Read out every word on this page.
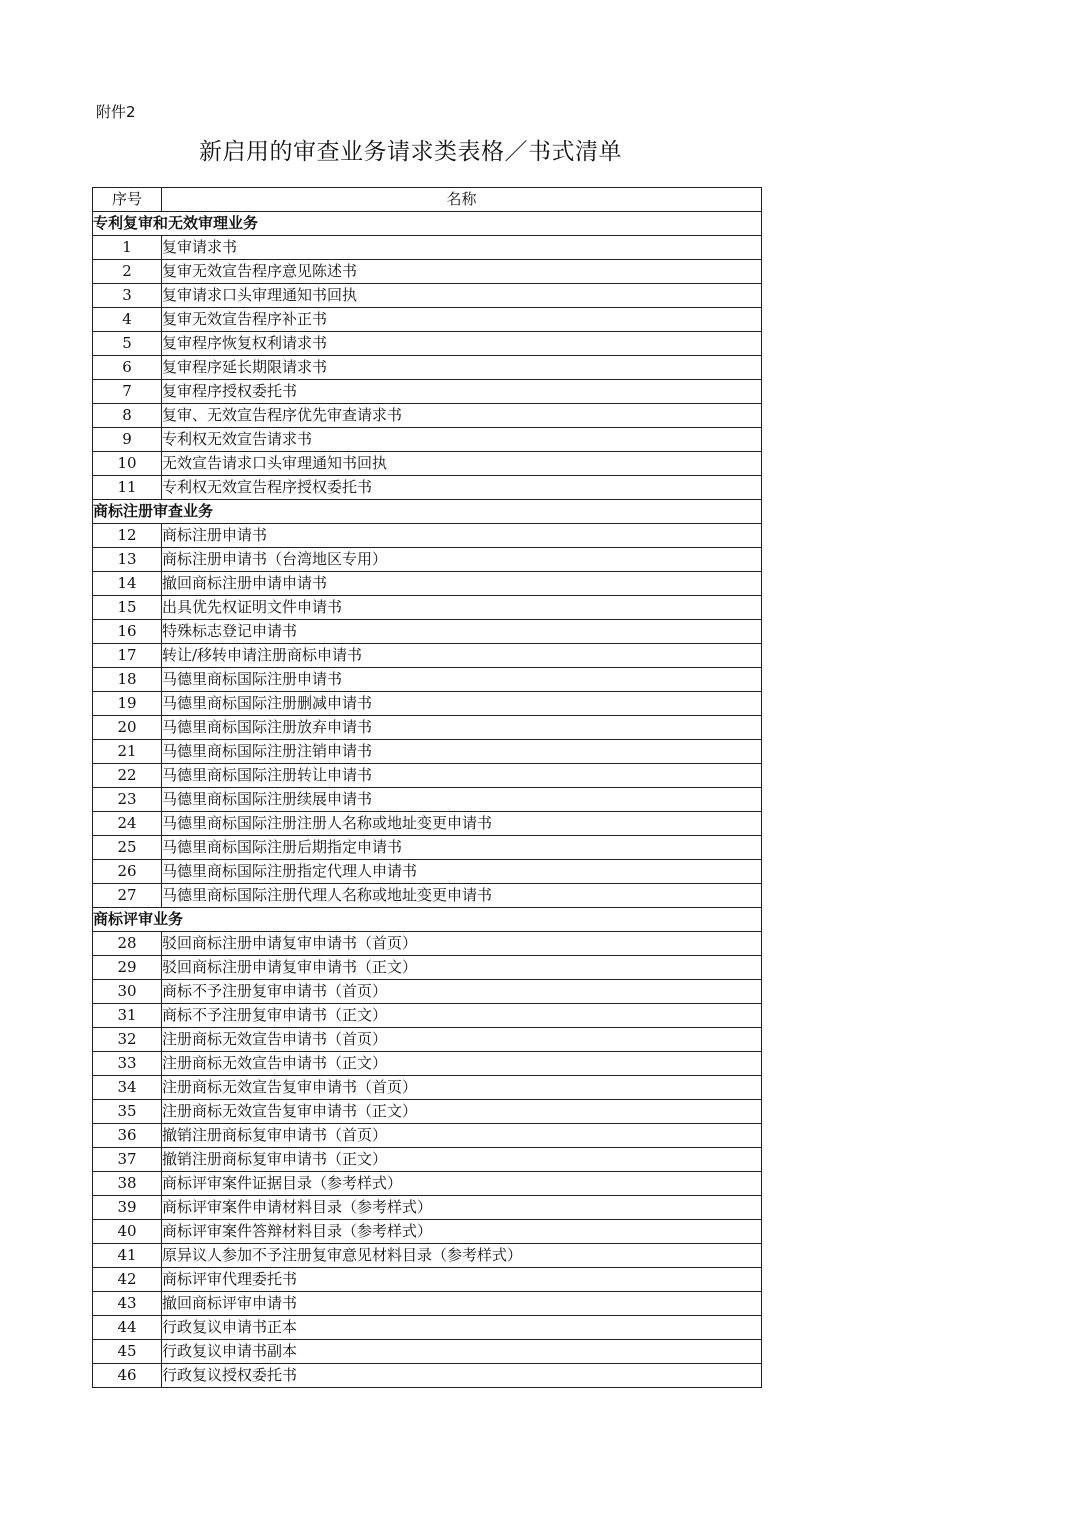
附件2
新启用的审查业务请求类表格／书式清单
序号	名称
专利复审和无效审理业务	
1	复审请求书
2	复审无效宣告程序意见陈述书
3	复审请求口头审理通知书回执
4	复审无效宣告程序补正书
5	复审程序恢复权利请求书
6	复审程序延长期限请求书
7	复审程序授权委托书
8	复审、无效宣告程序优先审查请求书
9	专利权无效宣告请求书
10	无效宣告请求口头审理通知书回执
11	专利权无效宣告程序授权委托书
商标注册审查业务	
12	商标注册申请书
13	商标注册申请书（台湾地区专用）
14	撤回商标注册申请申请书
15	出具优先权证明文件申请书
16	特殊标志登记申请书
17	转让/移转申请注册商标申请书
18	马德里商标国际注册申请书
19	马德里商标国际注册删减申请书
20	马德里商标国际注册放弃申请书
21	马德里商标国际注册注销申请书
22	马德里商标国际注册转让申请书
23	马德里商标国际注册续展申请书
24	马德里商标国际注册注册人名称或地址变更申请书
25	马德里商标国际注册后期指定申请书
26	马德里商标国际注册指定代理人申请书
27	马德里商标国际注册代理人名称或地址变更申请书
商标评审业务	
28	驳回商标注册申请复审申请书（首页）
29	驳回商标注册申请复审申请书（正文）
30	商标不予注册复审申请书（首页）
31	商标不予注册复审申请书（正文）
32	注册商标无效宣告申请书（首页）
33	注册商标无效宣告申请书（正文）
34	注册商标无效宣告复审申请书（首页）
35	注册商标无效宣告复审申请书（正文）
36	撤销注册商标复审申请书（首页）
37	撤销注册商标复审申请书（正文）
38	商标评审案件证据目录（参考样式）
39	商标评审案件申请材料目录（参考样式）
40	商标评审案件答辩材料目录（参考样式）
41	原异议人参加不予注册复审意见材料目录（参考样式）
42	商标评审代理委托书
43	撤回商标评审申请书
44	行政复议申请书正本
45	行政复议申请书副本
46	行政复议授权委托书
